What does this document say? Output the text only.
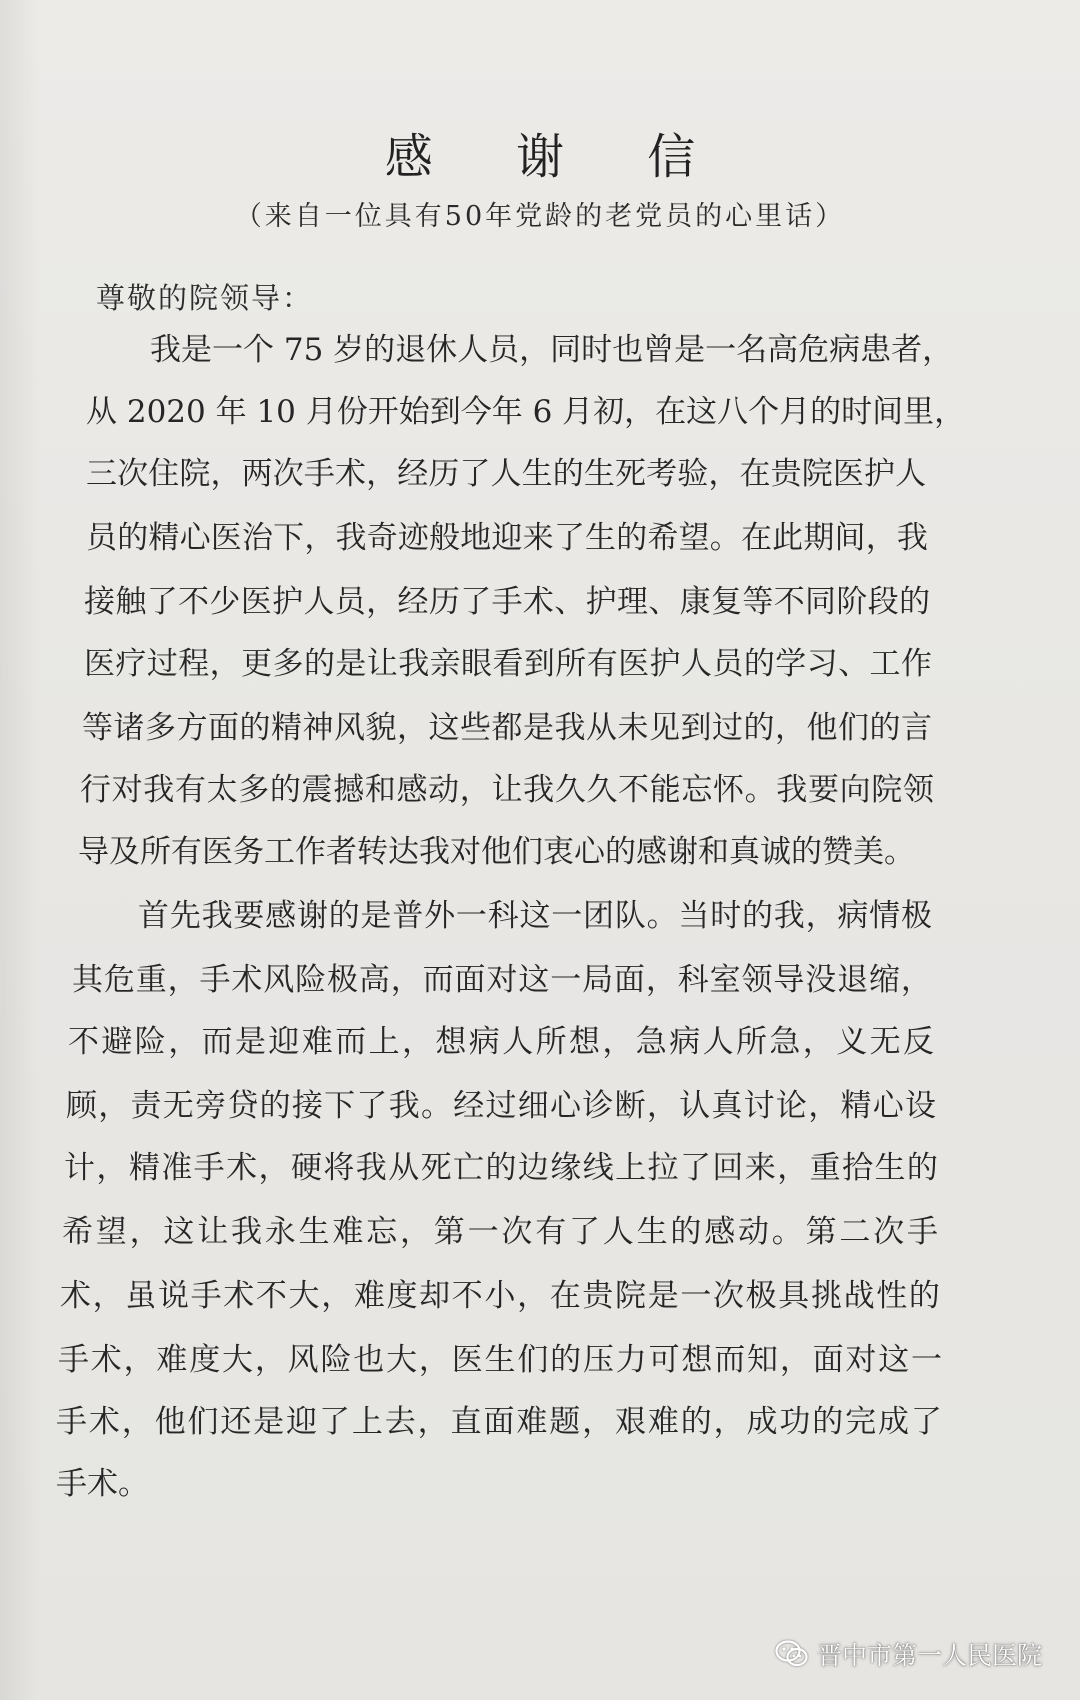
感 谢 信
（来自一位具有50年党龄的老党员的心里话）
尊敬的院领导：
我是一个 75 岁的退休人员，同时也曾是一名高危病患者，
从 2020 年 10 月份开始到今年 6 月初，在这八个月的时间里，
三次住院，两次手术，经历了人生的生死考验，在贵院医护人
员的精心医治下，我奇迹般地迎来了生的希望。在此期间，我
接触了不少医护人员，经历了手术、护理、康复等不同阶段的
医疗过程，更多的是让我亲眼看到所有医护人员的学习、工作
等诸多方面的精神风貌，这些都是我从未见到过的，他们的言
行对我有太多的震撼和感动，让我久久不能忘怀。我要向院领
导及所有医务工作者转达我对他们衷心的感谢和真诚的赞美。
首先我要感谢的是普外一科这一团队。当时的我，病情极
其危重，手术风险极高，而面对这一局面，科室领导没退缩，
不避险，而是迎难而上，想病人所想，急病人所急，义无反
顾，责无旁贷的接下了我。经过细心诊断，认真讨论，精心设
计，精准手术，硬将我从死亡的边缘线上拉了回来，重拾生的
希望，这让我永生难忘，第一次有了人生的感动。第二次手
术，虽说手术不大，难度却不小，在贵院是一次极具挑战性的
手术，难度大，风险也大，医生们的压力可想而知，面对这一
手术，他们还是迎了上去，直面难题，艰难的，成功的完成了
手术。
晋中市第一人民医院
